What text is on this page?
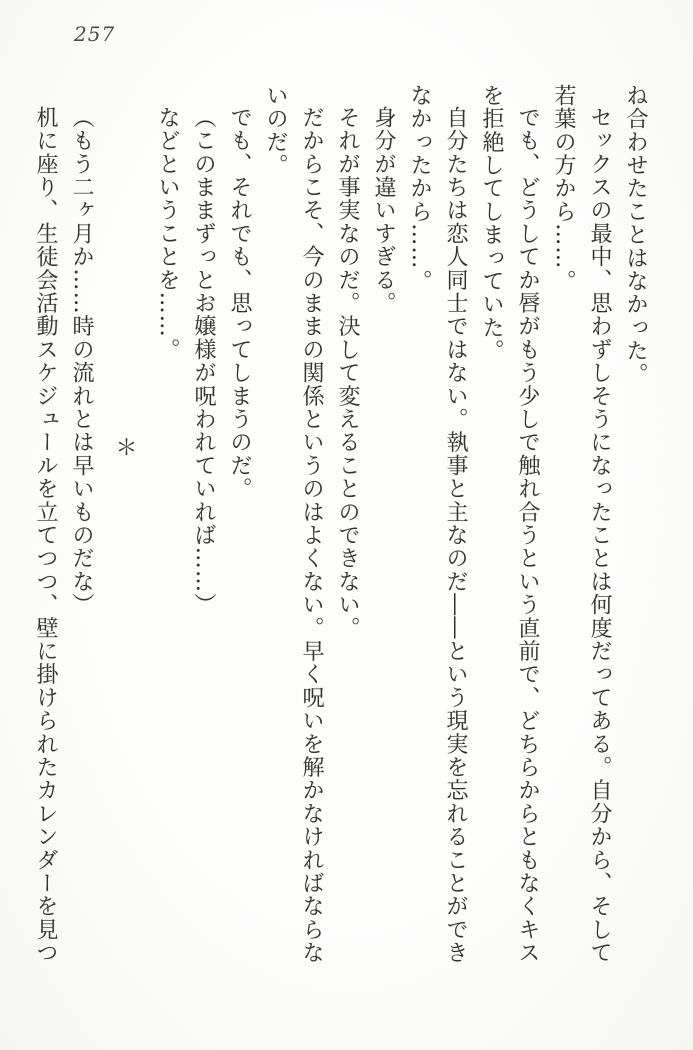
257

ね合わせたことはなかった。

セックスの最中、思わずしそうになったことは何度だってある。自分から、そして

若葉の方から……。

でも、どうしてか唇がもう少しで触れ合うという直前で、どちらからともなくキス

を拒絶してしまっていた。

自分たちは恋人同士ではない。執事と主なのだ――という現実を忘れることができ

なかったから……。

身分が違いすぎる。

それが事実なのだ。決して変えることのできない。

だからこそ、今のままの関係というのはよくない。早く呪いを解かなければならな

いのだ。

でも、それでも、思ってしまうのだ。

（このままずっとお嬢様が呪われていれば……）

などということを……。

＊

（もう二ヶ月か……時の流れとは早いものだな）

机に座り、生徒会活動スケジュールを立てつつ、壁に掛けられたカレンダーを見つ
